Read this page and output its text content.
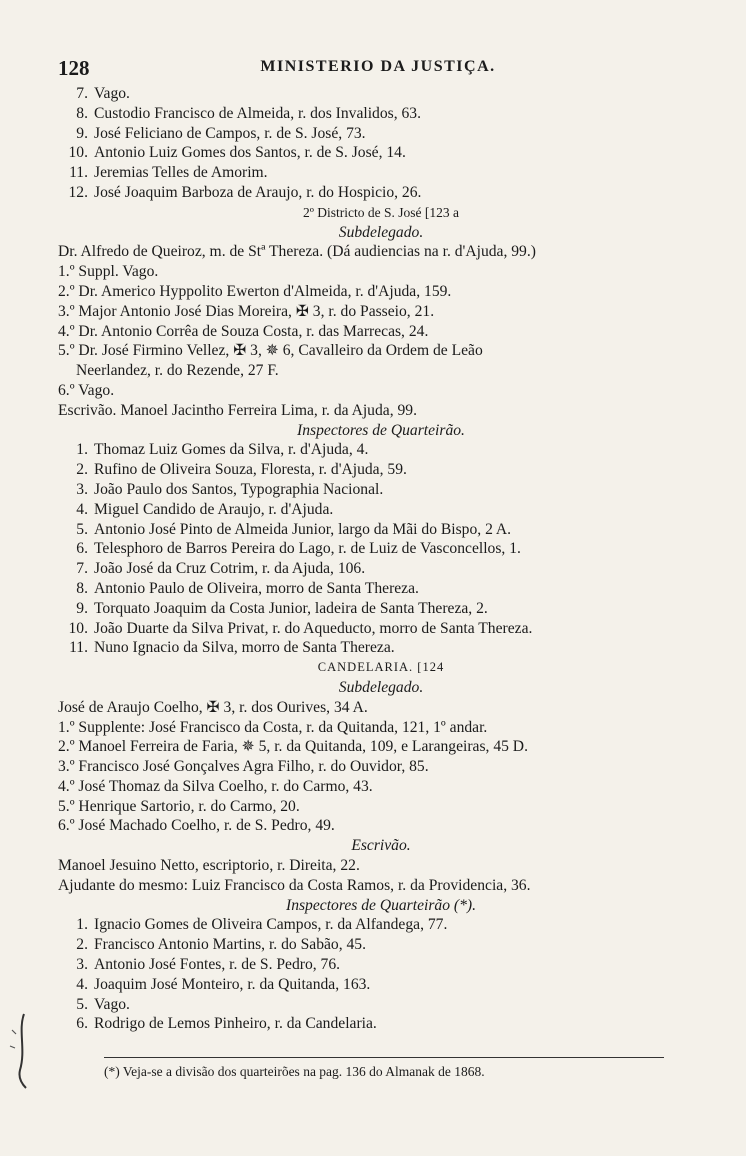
128	MINISTERIO DA JUSTIÇA.
7. Vago.
8. Custodio Francisco de Almeida, r. dos Invalidos, 63.
9. José Feliciano de Campos, r. de S. José, 73.
10. Antonio Luiz Gomes dos Santos, r. de S. José, 14.
11. Jeremias Telles de Amorim.
12. José Joaquim Barboza de Araujo, r. do Hospicio, 26.
2º Districto de S. José [123 a
Subdelegado.
Dr. Alfredo de Queiroz, m. de Stª Thereza. (Dá audiencias na r. d'Ajuda, 99.)
1.º Suppl. Vago.
2.º Dr. Americo Hyppolito Ewerton d'Almeida, r. d'Ajuda, 159.
3.º Major Antonio José Dias Moreira, ✠ 3, r. do Passeio, 21.
4.º Dr. Antonio Corrêa de Souza Costa, r. das Marrecas, 24.
5.º Dr. José Firmino Vellez, ✠ 3, ✵ 6, Cavalleiro da Ordem de Leão
Neerlandez, r. do Rezende, 27 F.
6.º Vago.
Escrivão. Manoel Jacintho Ferreira Lima, r. da Ajuda, 99.
Inspectores de Quarteirão.
1. Thomaz Luiz Gomes da Silva, r. d'Ajuda, 4.
2. Rufino de Oliveira Souza, Floresta, r. d'Ajuda, 59.
3. João Paulo dos Santos, Typographia Nacional.
4. Miguel Candido de Araujo, r. d'Ajuda.
5. Antonio José Pinto de Almeida Junior, largo da Mãi do Bispo, 2 A.
6. Telesphoro de Barros Pereira do Lago, r. de Luiz de Vasconcellos, 1.
7. João José da Cruz Cotrim, r. da Ajuda, 106.
8. Antonio Paulo de Oliveira, morro de Santa Thereza.
9. Torquato Joaquim da Costa Junior, ladeira de Santa Thereza, 2.
10. João Duarte da Silva Privat, r. do Aqueducto, morro de Santa Thereza.
11. Nuno Ignacio da Silva, morro de Santa Thereza.
CANDELARIA. [124
Subdelegado.
José de Araujo Coelho, ✠ 3, r. dos Ourives, 34 A.
1.º Supplente: José Francisco da Costa, r. da Quitanda, 121, 1º andar.
2.º Manoel Ferreira de Faria, ✵ 5, r. da Quitanda, 109, e Larangeiras, 45 D.
3.º Francisco José Gonçalves Agra Filho, r. do Ouvidor, 85.
4.º José Thomaz da Silva Coelho, r. do Carmo, 43.
5.º Henrique Sartorio, r. do Carmo, 20.
6.º José Machado Coelho, r. de S. Pedro, 49.
Escrivão.
Manoel Jesuino Netto, escriptorio, r. Direita, 22.
Ajudante do mesmo: Luiz Francisco da Costa Ramos, r. da Providencia, 36.
Inspectores de Quarteirão (*).
1. Ignacio Gomes de Oliveira Campos, r. da Alfandega, 77.
2. Francisco Antonio Martins, r. do Sabão, 45.
3. Antonio José Fontes, r. de S. Pedro, 76.
4. Joaquim José Monteiro, r. da Quitanda, 163.
5. Vago.
6. Rodrigo de Lemos Pinheiro, r. da Candelaria.
(*) Veja-se a divisão dos quarteirões na pag. 136 do Almanak de 1868.
